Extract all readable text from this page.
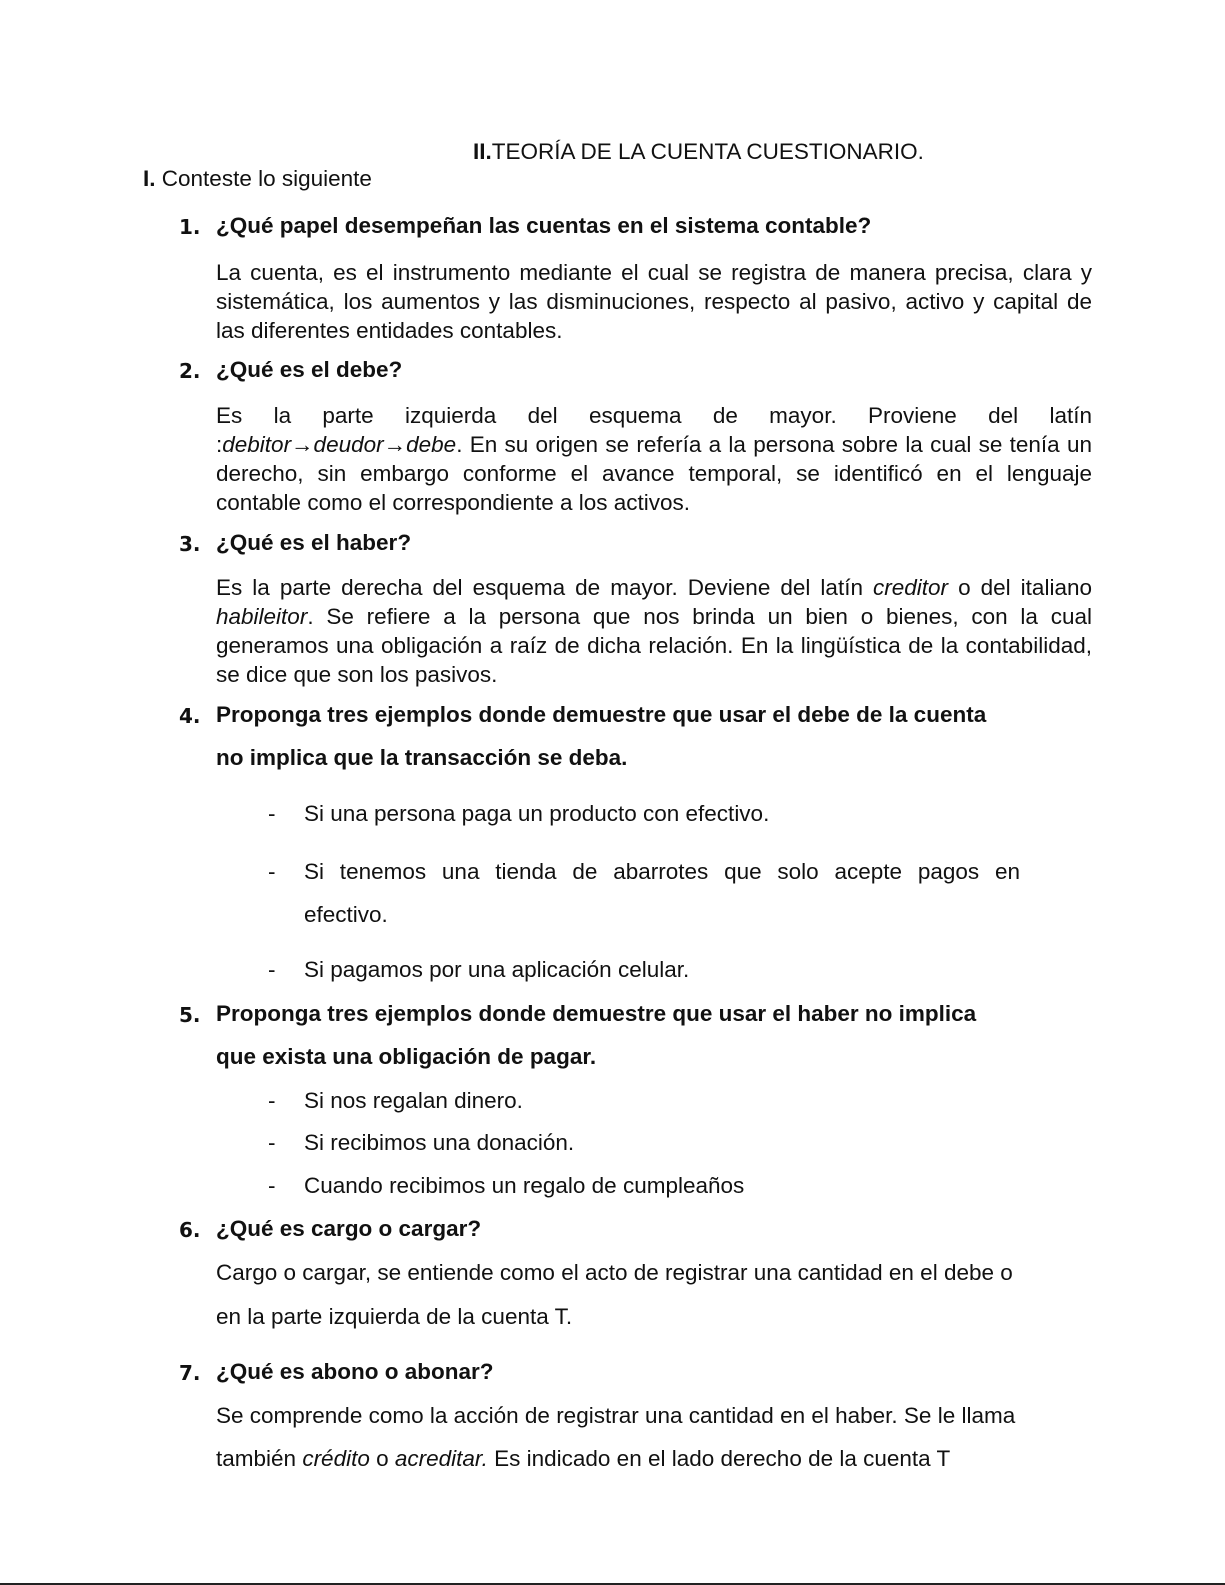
II.TEORÍA DE LA CUENTA CUESTIONARIO.
I. Conteste lo siguiente
1. ¿Qué papel desempeñan las cuentas en el sistema contable?
La cuenta, es el instrumento mediante el cual se registra de manera precisa, clara y sistemática, los aumentos y las disminuciones, respecto al pasivo, activo y capital de las diferentes entidades contables.
2. ¿Qué es el debe?
Es la parte izquierda del esquema de mayor. Proviene del latín :debitor→deudor→debe. En su origen se refería a la persona sobre la cual se tenía un derecho, sin embargo conforme el avance temporal, se identificó en el lenguaje contable como el correspondiente a los activos.
3. ¿Qué es el haber?
Es la parte derecha del esquema de mayor. Deviene del latín creditor o del italiano habileitor. Se refiere a la persona que nos brinda un bien o bienes, con la cual generamos una obligación a raíz de dicha relación. En la lingüística de la contabilidad, se dice que son los pasivos.
4. Proponga tres ejemplos donde demuestre que usar el debe de la cuenta
no implica que la transacción se deba.
- Si una persona paga un producto con efectivo.
- Si tenemos una tienda de abarrotes que solo acepte pagos en
efectivo.
- Si pagamos por una aplicación celular.
5. Proponga tres ejemplos donde demuestre que usar el haber no implica
que exista una obligación de pagar.
- Si nos regalan dinero.
- Si recibimos una donación.
- Cuando recibimos un regalo de cumpleaños
6. ¿Qué es cargo o cargar?
Cargo o cargar, se entiende como el acto de registrar una cantidad en el debe o
en la parte izquierda de la cuenta T.
7. ¿Qué es abono o abonar?
Se comprende como la acción de registrar una cantidad en el haber. Se le llama
también crédito o acreditar. Es indicado en el lado derecho de la cuenta T
